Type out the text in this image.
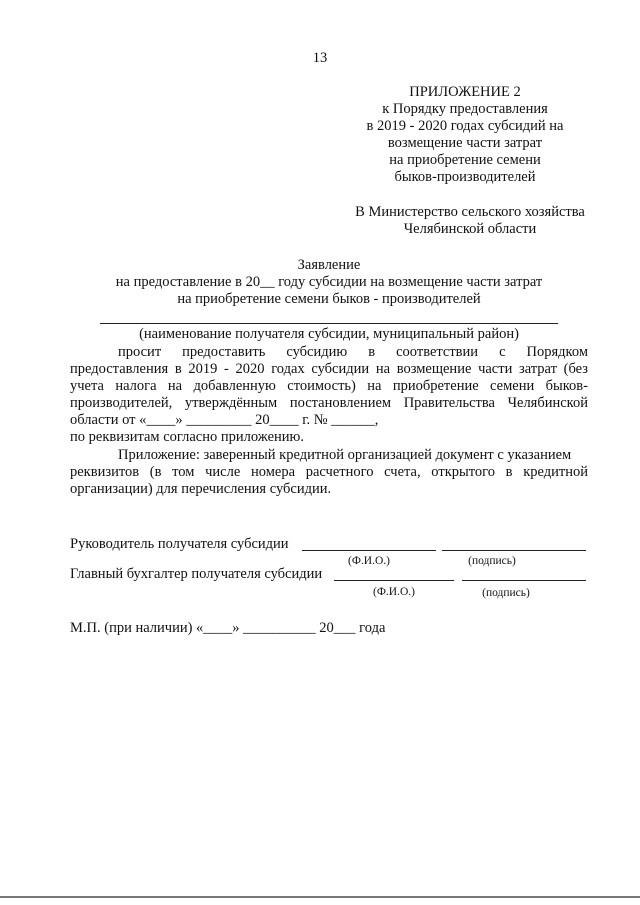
13
ПРИЛОЖЕНИЕ 2
к Порядку предоставления
в 2019 - 2020 годах субсидий на
возмещение части затрат
на приобретение семени
быков-производителей
В Министерство сельского хозяйства
Челябинской области
Заявление
на предоставление в 20__ году субсидии на возмещение части затрат
на приобретение семени быков - производителей
(наименование получателя субсидии, муниципальный район)
просит предоставить субсидию в соответствии с Порядком
предоставления в 2019 - 2020 годах субсидии на возмещение части затрат (без учета налога на добавленную стоимость) на приобретение семени быков-производителей, утверждённым постановлением Правительства Челябинской
области от «____» _________ 20____ г. № ______,
по реквизитам согласно приложению.
Приложение: заверенный кредитной организацией документ с указанием
реквизитов (в том числе номера расчетного счета, открытого в кредитной организации) для перечисления субсидии.
Руководитель получателя субсидии
(Ф.И.О.)	(подпись)
Главный бухгалтер получателя субсидии
(Ф.И.О.)	(подпись)
М.П. (при наличии) «____» __________ 20___ года
